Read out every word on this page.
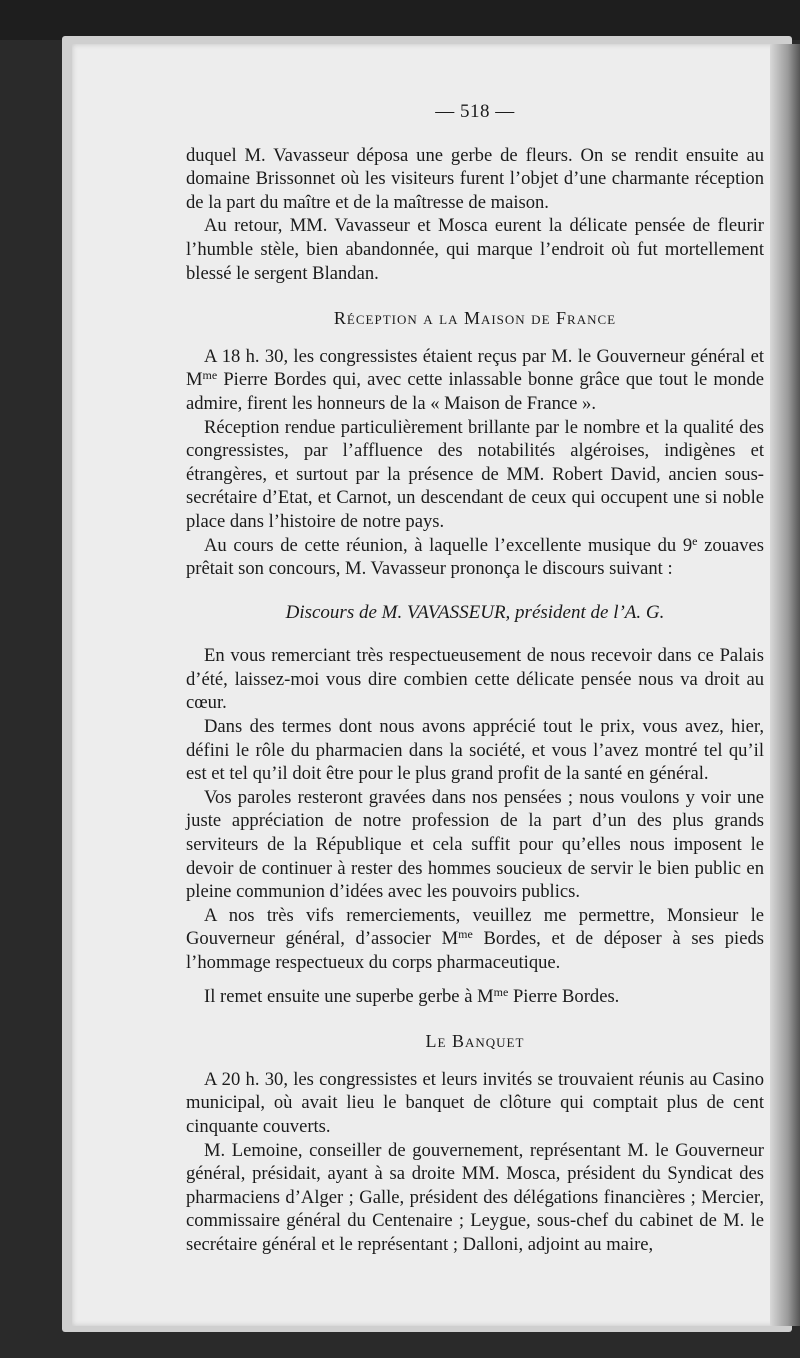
— 518 —

duquel M. Vavasseur déposa une gerbe de fleurs. On se rendit ensuite au domaine Brissonnet où les visiteurs furent l’objet d’une charmante réception de la part du maître et de la maîtresse de maison.

Au retour, MM. Vavasseur et Mosca eurent la délicate pensée de fleurir l’humble stèle, bien abandonnée, qui marque l’endroit où fut mortellement blessé le sergent Blandan.

Réception a la Maison de France

A 18 h. 30, les congressistes étaient reçus par M. le Gouverneur général et $M^{me}$ Pierre Bordes qui, avec cette inlassable bonne grâce que tout le monde admire, firent les honneurs de la « Maison de France ».

Réception rendue particulièrement brillante par le nombre et la qualité des congressistes, par l’affluence des notabilités algéroises, indigènes et étrangères, et surtout par la présence de MM. Robert David, ancien sous-secrétaire d’Etat, et Carnot, un descendant de ceux qui occupent une si noble place dans l’histoire de notre pays.

Au cours de cette réunion, à laquelle l’excellente musique du 9e zouaves prêtait son concours, M. Vavasseur prononça le discours suivant :

Discours de M. VAVASSEUR, président de l’A. G.

En vous remerciant très respectueusement de nous recevoir dans ce Palais d’été, laissez-moi vous dire combien cette délicate pensée nous va droit au cœur.

Dans des termes dont nous avons apprécié tout le prix, vous avez, hier, défini le rôle du pharmacien dans la société, et vous l’avez montré tel qu’il est et tel qu’il doit être pour le plus grand profit de la santé en général.

Vos paroles resteront gravées dans nos pensées ; nous voulons y voir une juste appréciation de notre profession de la part d’un des plus grands serviteurs de la République et cela suffit pour qu’elles nous imposent le devoir de continuer à rester des hommes soucieux de servir le bien public en pleine communion d’idées avec les pouvoirs publics.

A nos très vifs remerciements, veuillez me permettre, Monsieur le Gouverneur général, d’associer $M^{me}$ Bordes, et de déposer à ses pieds l’hommage respectueux du corps pharmaceutique.

Il remet ensuite une superbe gerbe à $M^{me}$ Pierre Bordes.

Le Banquet

A 20 h. 30, les congressistes et leurs invités se trouvaient réunis au Casino municipal, où avait lieu le banquet de clôture qui comptait plus de cent cinquante couverts.

M. Lemoine, conseiller de gouvernement, représentant M. le Gouverneur général, présidait, ayant à sa droite MM. Mosca, président du Syndicat des pharmaciens d’Alger ; Galle, président des délégations financières ; Mercier, commissaire général du Centenaire ; Leygue, sous-chef du cabinet de M. le secrétaire général et le représentant ; Dalloni, adjoint au maire,
